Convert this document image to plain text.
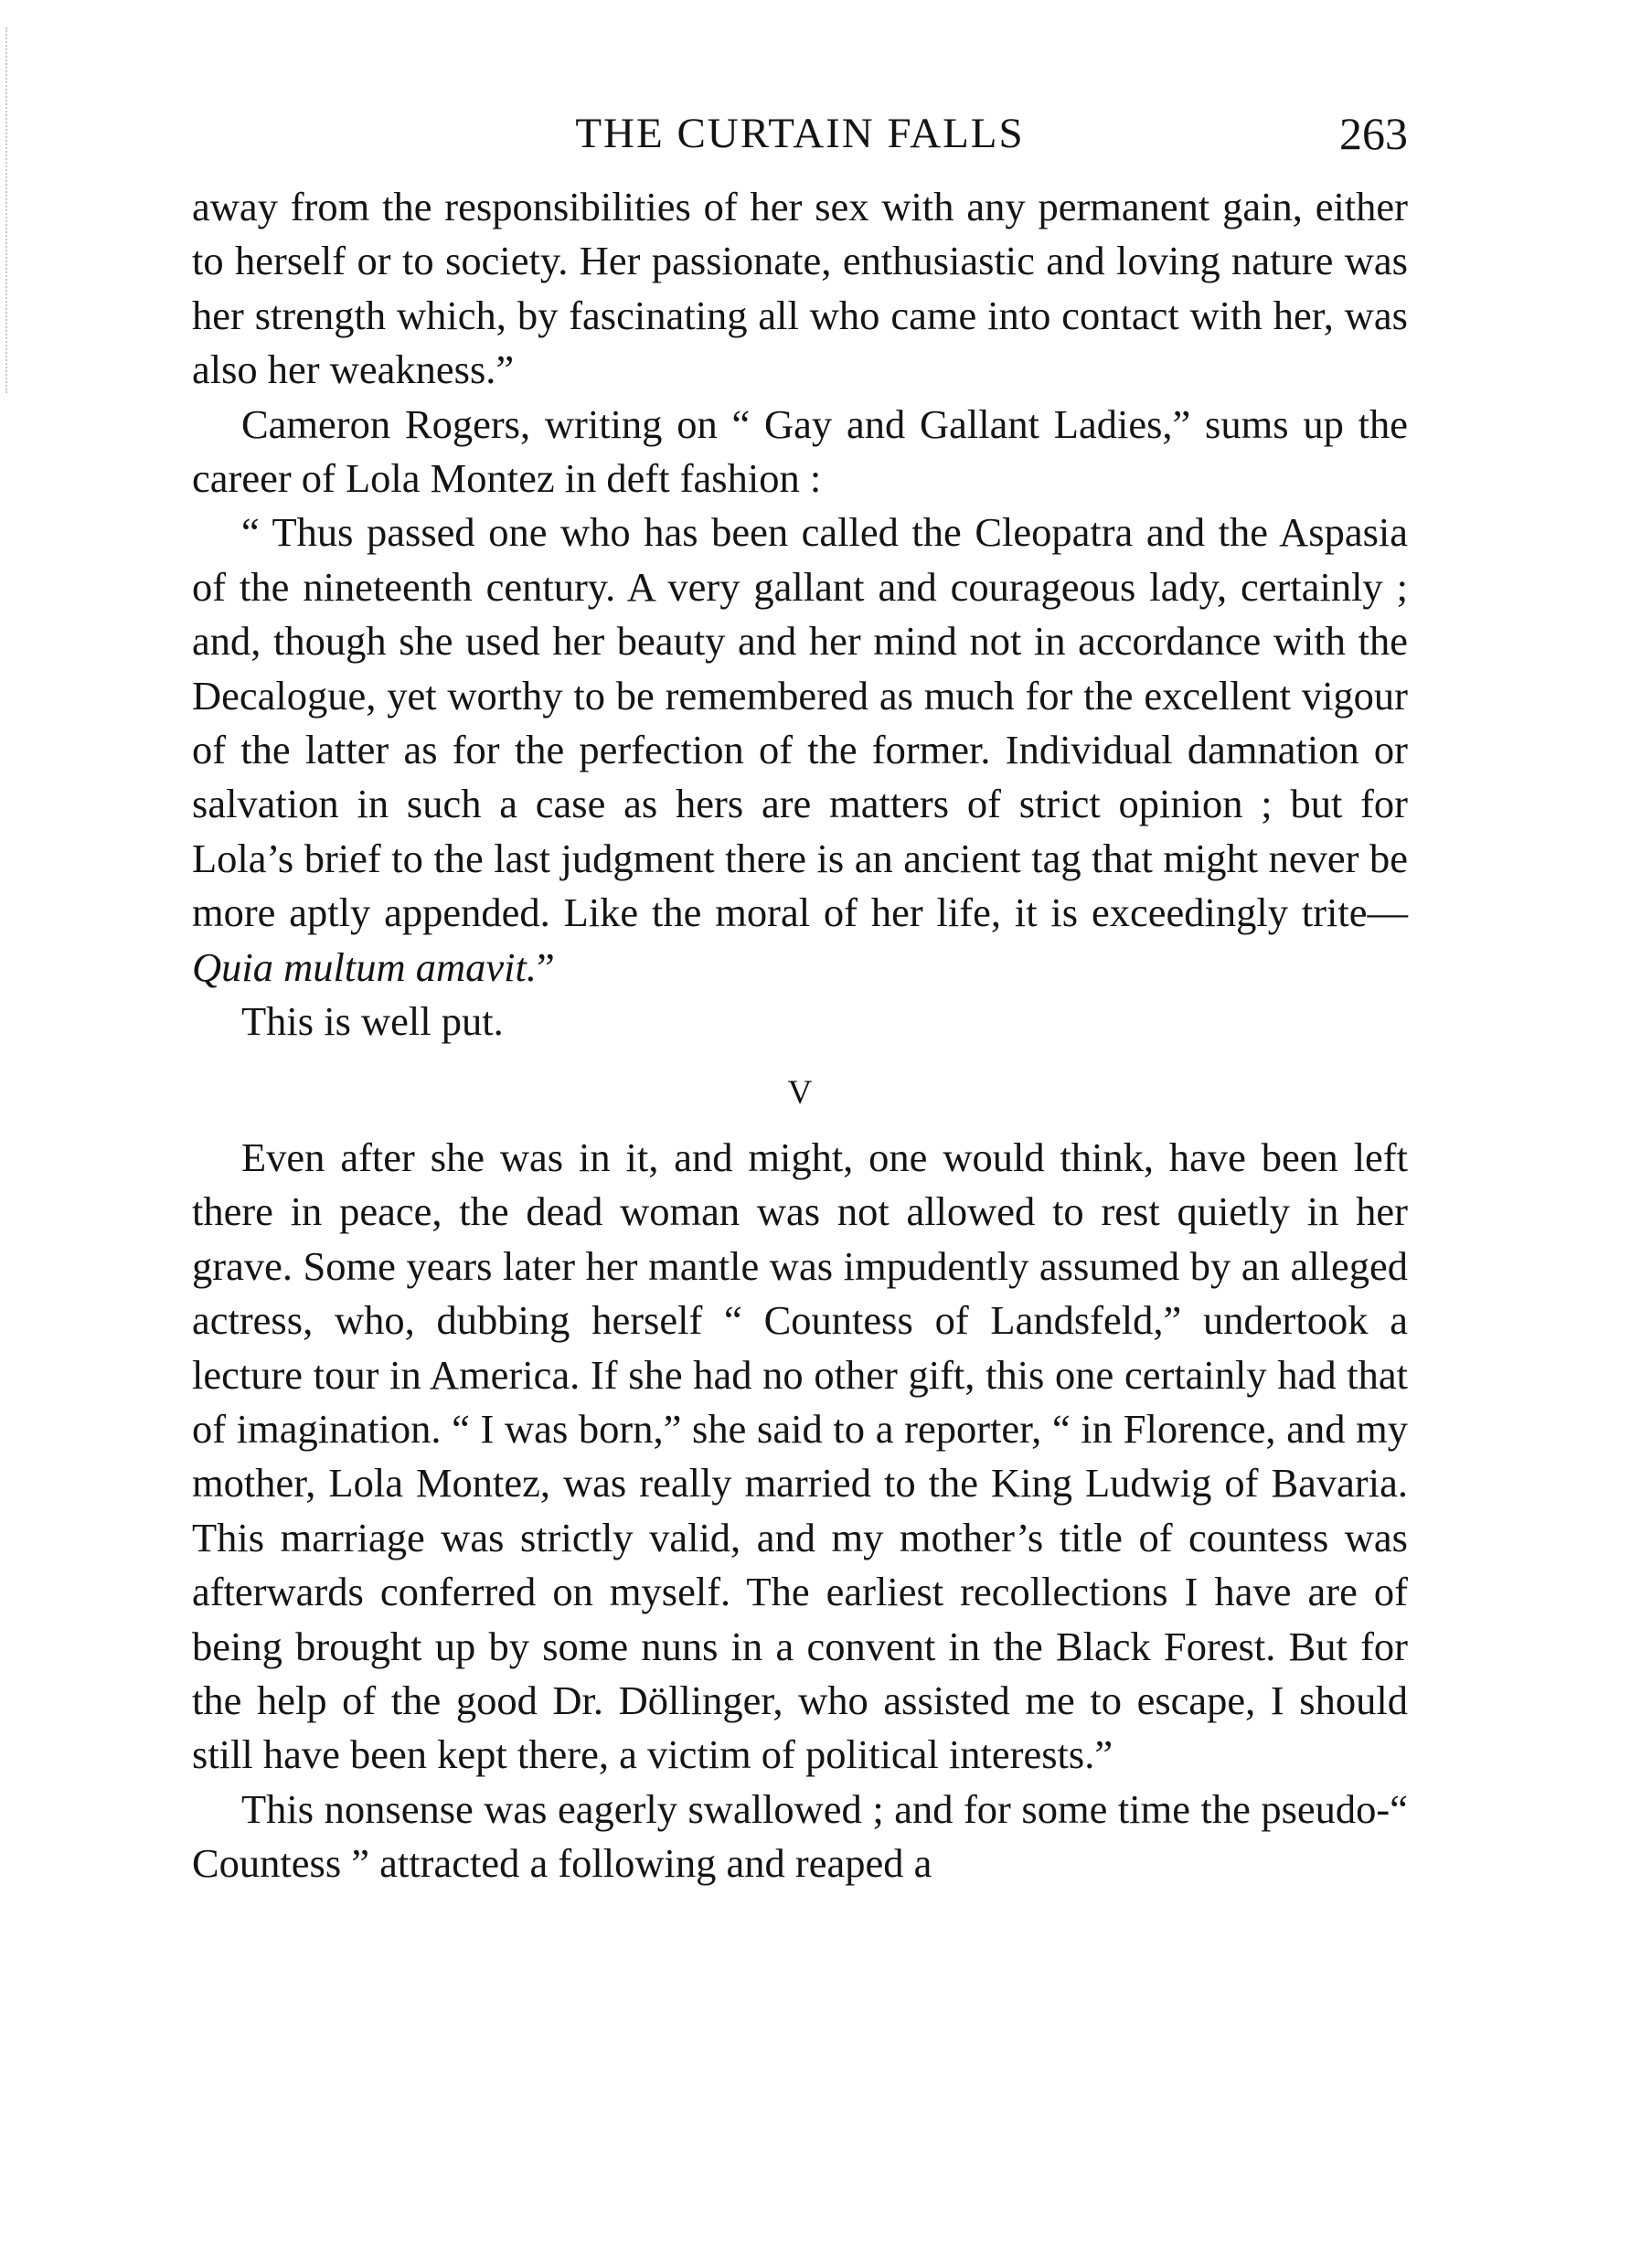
THE CURTAIN FALLS	263

away from the responsibilities of her sex with any permanent gain, either to herself or to society. Her passionate, enthusiastic and loving nature was her strength which, by fascinating all who came into contact with her, was also her weakness.”

Cameron Rogers, writing on “ Gay and Gallant Ladies,” sums up the career of Lola Montez in deft fashion :

“ Thus passed one who has been called the Cleopatra and the Aspasia of the nineteenth century. A very gallant and courageous lady, certainly ; and, though she used her beauty and her mind not in accordance with the Decalogue, yet worthy to be remembered as much for the excellent vigour of the latter as for the perfection of the former. Individual damnation or salvation in such a case as hers are matters of strict opinion ; but for Lola’s brief to the last judgment there is an ancient tag that might never be more aptly appended. Like the moral of her life, it is exceedingly trite—Quia multum amavit.”

This is well put.

V

Even after she was in it, and might, one would think, have been left there in peace, the dead woman was not allowed to rest quietly in her grave. Some years later her mantle was impudently assumed by an alleged actress, who, dubbing herself “ Countess of Landsfeld,” undertook a lecture tour in America. If she had no other gift, this one certainly had that of imagination. “ I was born,” she said to a reporter, “ in Florence, and my mother, Lola Montez, was really married to the King Ludwig of Bavaria. This marriage was strictly valid, and my mother’s title of countess was afterwards conferred on myself. The earliest recollections I have are of being brought up by some nuns in a convent in the Black Forest. But for the help of the good Dr. Döllinger, who assisted me to escape, I should still have been kept there, a victim of political interests.”

This nonsense was eagerly swallowed ; and for some time the pseudo-“ Countess ” attracted a following and reaped a
